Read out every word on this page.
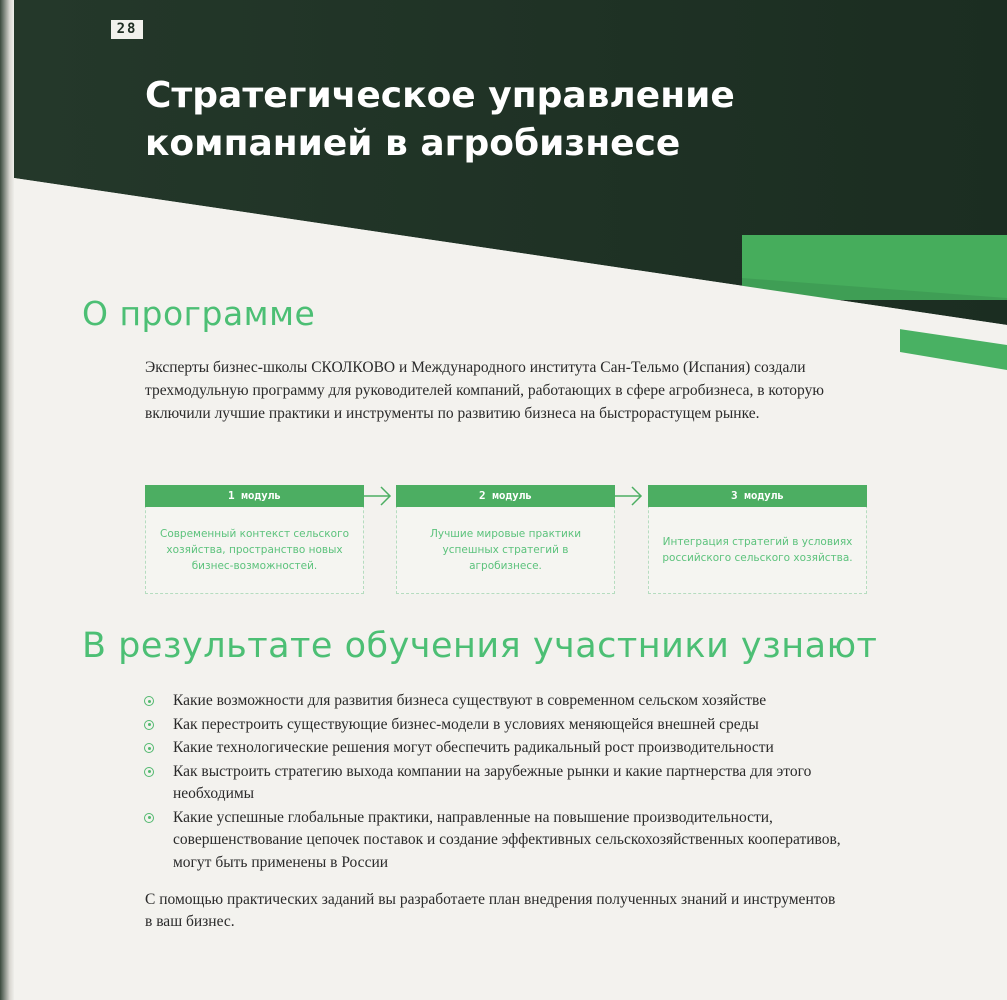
28
Стратегическое управление компанией в агробизнесе
О программе

Эксперты бизнес-школы СКОЛКОВО и Международного института Сан-Тельмо (Испания) создали трехмодульную программу для руководителей компаний, работающих в сфере агробизнеса, в которую включили лучшие практики и инструменты по развитию бизнеса на быстрорастущем рынке.

1 модуль
Современный контекст сельского хозяйства, пространство новых бизнес-возможностей.
2 модуль
Лучшие мировые практики успешных стратегий в агробизнесе.
3 модуль
Интеграция стратегий в условиях российского сельского хозяйства.
В результате обучения участники узнают
Какие возможности для развития бизнеса существуют в современном сельском хозяйстве
Как перестроить существующие бизнес-модели в условиях меняющейся внешней среды
Какие технологические решения могут обеспечить радикальный рост производительности
Как выстроить стратегию выхода компании на зарубежные рынки и какие партнерства для этого необходимы
Какие успешные глобальные практики, направленные на повышение производительности, совершенствование цепочек поставок и создание эффективных сельскохозяйственных кооперативов, могут быть применены в России

С помощью практических заданий вы разработаете план внедрения полученных знаний и инструментов в ваш бизнес.
